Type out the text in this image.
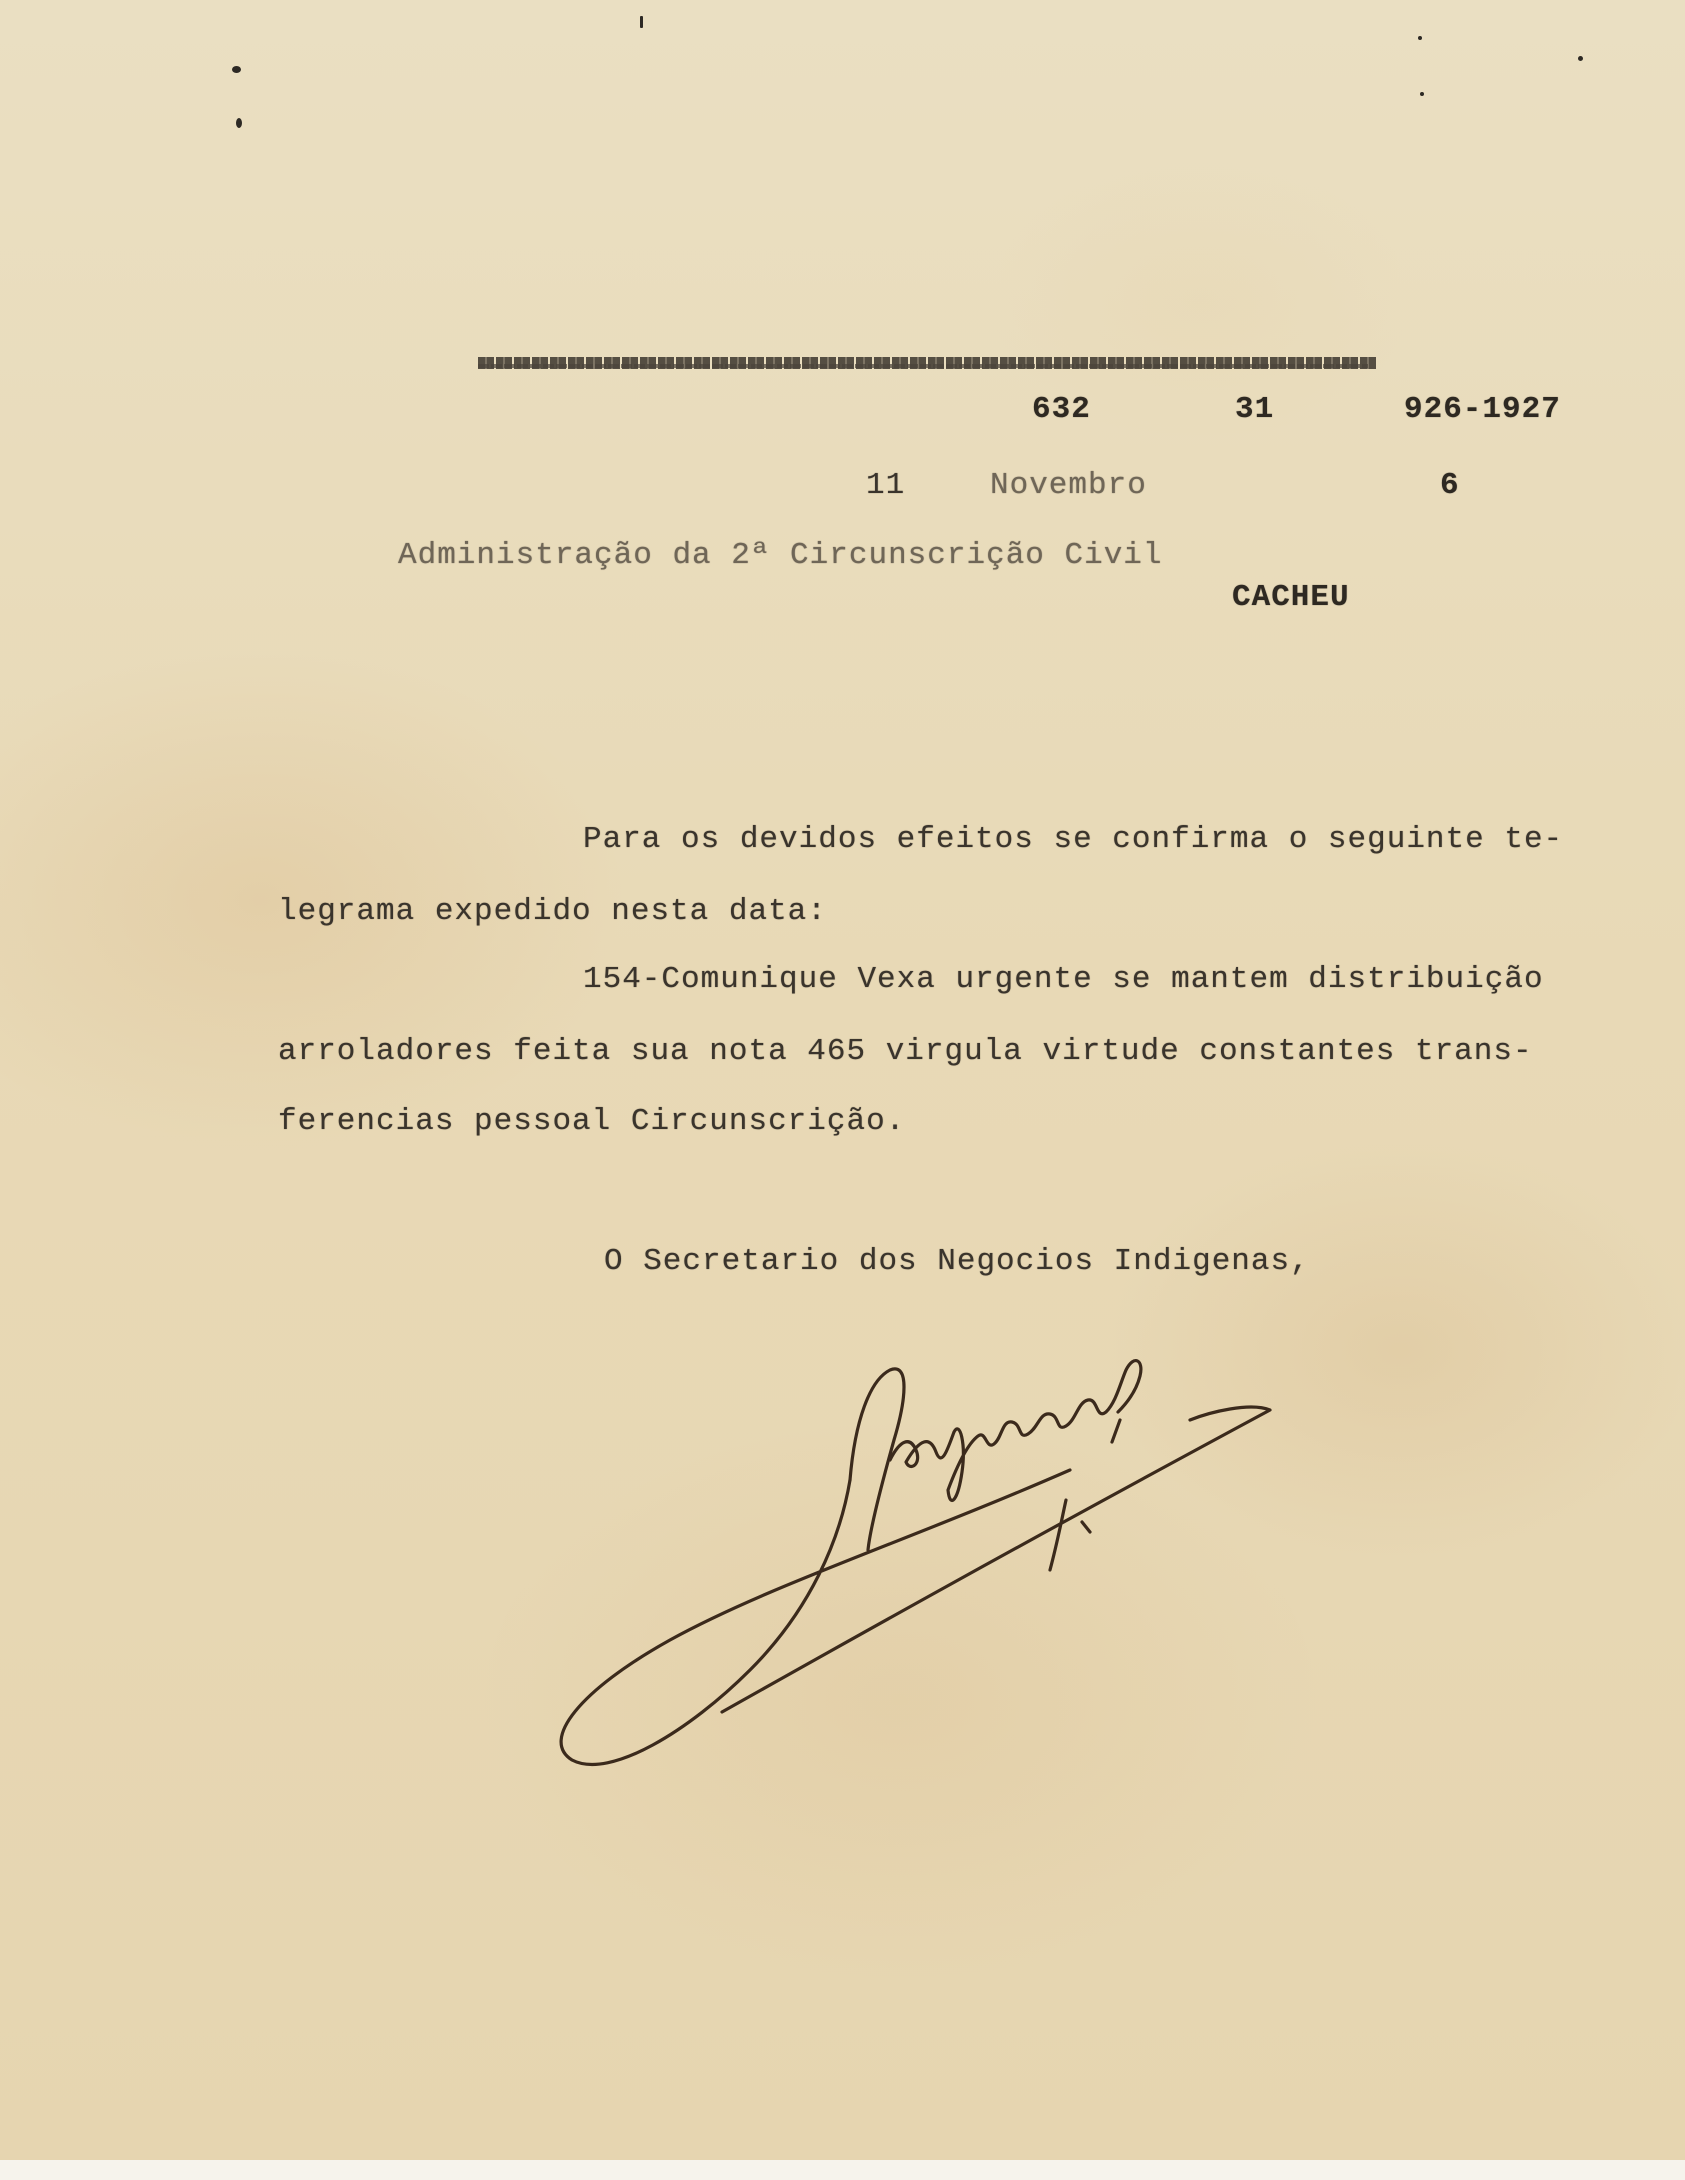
632	31	926-1927
11	Novembro	6
Administração da 2ª Circunscrição Civil
CACHEU
Para os devidos efeitos se confirma o seguinte te-
legrama expedido nesta data:
154-Comunique Vexa urgente se mantem distribuição
arroladores feita sua nota 465 virgula virtude constantes trans-
ferencias pessoal Circunscrição.
O Secretario dos Negocios Indigenas,
